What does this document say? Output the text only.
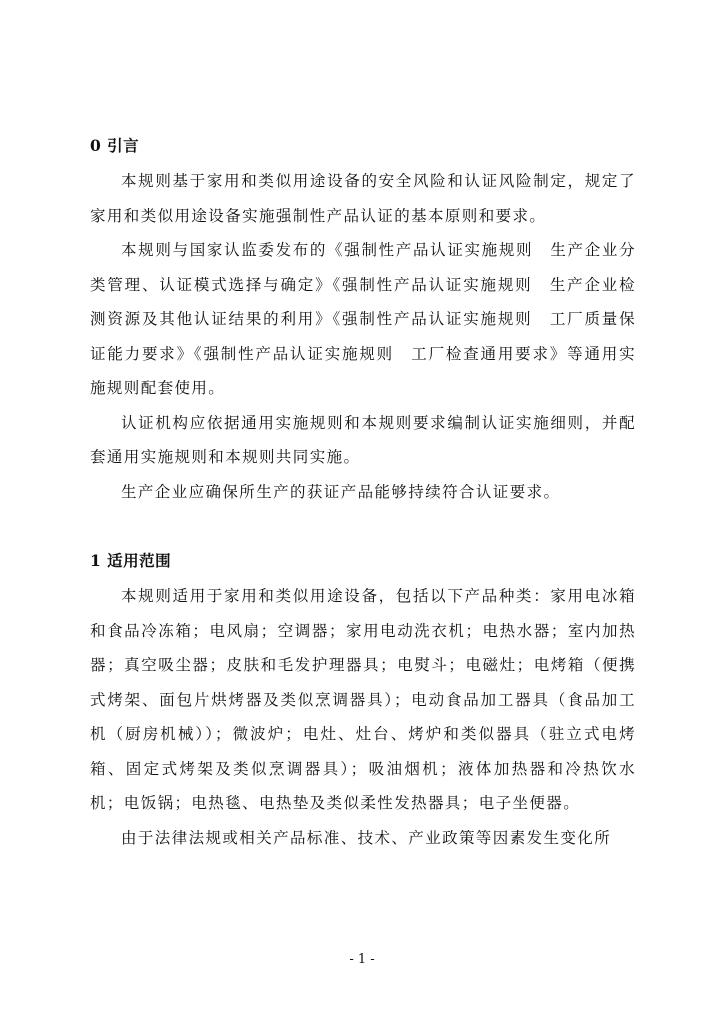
0 引言

本规则基于家用和类似用途设备的安全风险和认证风险制定，规定了家用和类似用途设备实施强制性产品认证的基本原则和要求。

本规则与国家认监委发布的《强制性产品认证实施规则　生产企业分类管理、认证模式选择与确定》《强制性产品认证实施规则　生产企业检测资源及其他认证结果的利用》《强制性产品认证实施规则　工厂质量保证能力要求》《强制性产品认证实施规则　工厂检查通用要求》等通用实施规则配套使用。

认证机构应依据通用实施规则和本规则要求编制认证实施细则，并配套通用实施规则和本规则共同实施。

生产企业应确保所生产的获证产品能够持续符合认证要求。

1 适用范围

本规则适用于家用和类似用途设备，包括以下产品种类：家用电冰箱和食品冷冻箱；电风扇；空调器；家用电动洗衣机；电热水器；室内加热器；真空吸尘器；皮肤和毛发护理器具；电熨斗；电磁灶；电烤箱（便携式烤架、面包片烘烤器及类似烹调器具）；电动食品加工器具（食品加工机（厨房机械））；微波炉；电灶、灶台、烤炉和类似器具（驻立式电烤箱、固定式烤架及类似烹调器具）；吸油烟机；液体加热器和冷热饮水机；电饭锅；电热毯、电热垫及类似柔性发热器具；电子坐便器。

由于法律法规或相关产品标准、技术、产业政策等因素发生变化所

- 1 -
